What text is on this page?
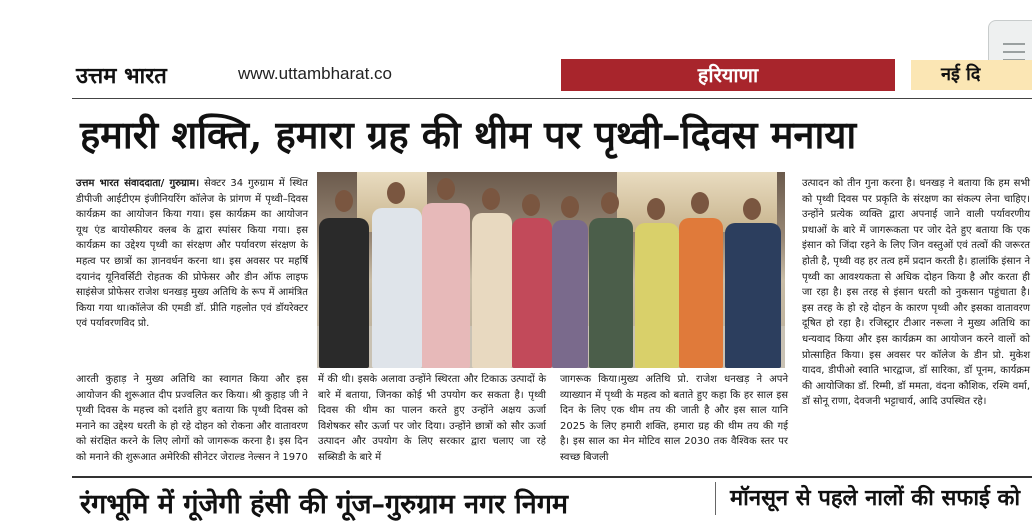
उत्तम भारत	www.uttambharat.co	हरियाणा	नई दि
हमारी शक्ति, हमारा ग्रह की थीम पर पृथ्वी–दिवस मनाया

उत्तम भारत संवाददाता/ गुरुग्राम। सेक्टर 34 गुरुग्राम में स्थित डीपीजी आईटीएम इंजीनियरिंग कॉलेज के प्रांगण में पृथ्वी–दिवस कार्यक्रम का आयोजन किया गया। इस कार्यक्रम का आयोजन यूथ एंड बायोस्फीयर क्लब के द्वारा स्पांसर किया गया। इस कार्यक्रम का उद्देश्य पृथ्वी का संरक्षण और पर्यावरण संरक्षण के महत्व पर छात्रों का ज्ञानवर्धन करना था। इस अवसर पर महर्षि दयानंद यूनिवर्सिटी रोहतक की प्रोफेसर और डीन ऑफ लाइफ साइंसेज प्रोफेसर राजेश धनखड़ मुख्य अतिथि के रूप में आमंत्रित किया गया था।कॉलेज की एमडी डॉ. प्रीति गहलोत एवं डॉयरेक्टर एवं पर्यावरणविद प्रो.

आरती कुहाड़ ने मुख्य अतिथि का स्वागत किया और इस आयोजन की शुरूआत दीप प्रज्वलित कर किया। श्री कुहाड़ जी ने पृथ्वी दिवस के महत्त्व को दर्शाते हुए बताया कि पृथ्वी दिवस को मनाने का उद्देश्य धरती के हो रहे दोहन को रोकना और वातावरण को संरक्षित करने के लिए लोगों को जागरूक करना है। इस दिन को मनाने की शुरूआत अमेरिकी सीनेटर जेराल्ड नेल्सन ने 1970

में की थी। इसके अलावा उन्होंने स्थिरता और टिकाऊ उत्पादों के बारे में बताया, जिनका कोई भी उपयोग कर सकता है। पृथ्वी दिवस की थीम का पालन करते हुए उन्होंने अक्षय ऊर्जा विशेषकर सौर ऊर्जा पर जोर दिया। उन्होंने छात्रों को सौर ऊर्जा उत्पादन और उपयोग के लिए सरकार द्वारा चलाए जा रहे सब्सिडी के बारे में

जागरूक किया।मुख्य अतिथि प्रो. राजेश धनखड़ ने अपने व्याख्यान में पृथ्वी के महत्व को बताते हुए कहा कि हर साल इस दिन के लिए एक थीम तय की जाती है और इस साल यानि 2025 के लिए हमारी शक्ति, हमारा ग्रह की थीम तय की गई है। इस साल का मेन मोटिव साल 2030 तक वैश्विक स्तर पर स्वच्छ बिजली

उत्पादन को तीन गुना करना है। धनखड़ ने बताया कि हम सभी को पृथ्वी दिवस पर प्रकृति के संरक्षण का संकल्प लेना चाहिए। उन्होंने प्रत्येक व्यक्ति द्वारा अपनाई जाने वाली पर्यावरणीय प्रथाओं के बारे में जागरूकता पर जोर देते हुए बताया कि एक इंसान को जिंदा रहने के लिए जिन वस्तुओं एवं तत्वों की जरूरत होती है, पृथ्वी वह हर तत्व हमें प्रदान करती है। हालांकि इंसान ने पृथ्वी का आवश्यकता से अधिक दोहन किया है और करता ही जा रहा है। इस तरह से इंसान धरती को नुकसान पहुंचाता है। इस तरह के हो रहे दोहन के कारण पृथ्वी और इसका वातावरण दूषित हो रहा है। रजिस्ट्रार टीआर नरूला ने मुख्य अतिथि का धन्यवाद किया और इस कार्यक्रम का आयोजन करने वालों को प्रोत्साहित किया। इस अवसर पर कॉलेज के डीन प्रो. मुकेश यादव, डीपीओ स्वाति भारद्वाज, डॉ सारिका, डॉ पूनम, कार्यक्रम की आयोजिका डॉ. रिम्मी, डॉ ममता, वंदना कौशिक, रश्मि वर्मा, डॉ सोनू राणा, देवजनी भट्टाचार्य, आदि उपस्थित रहे।

रंगभूमि में गूंजेगी हंसी की गूंज–गुरुग्राम नगर निगम	मॉनसून से पहले नालों की सफाई को
